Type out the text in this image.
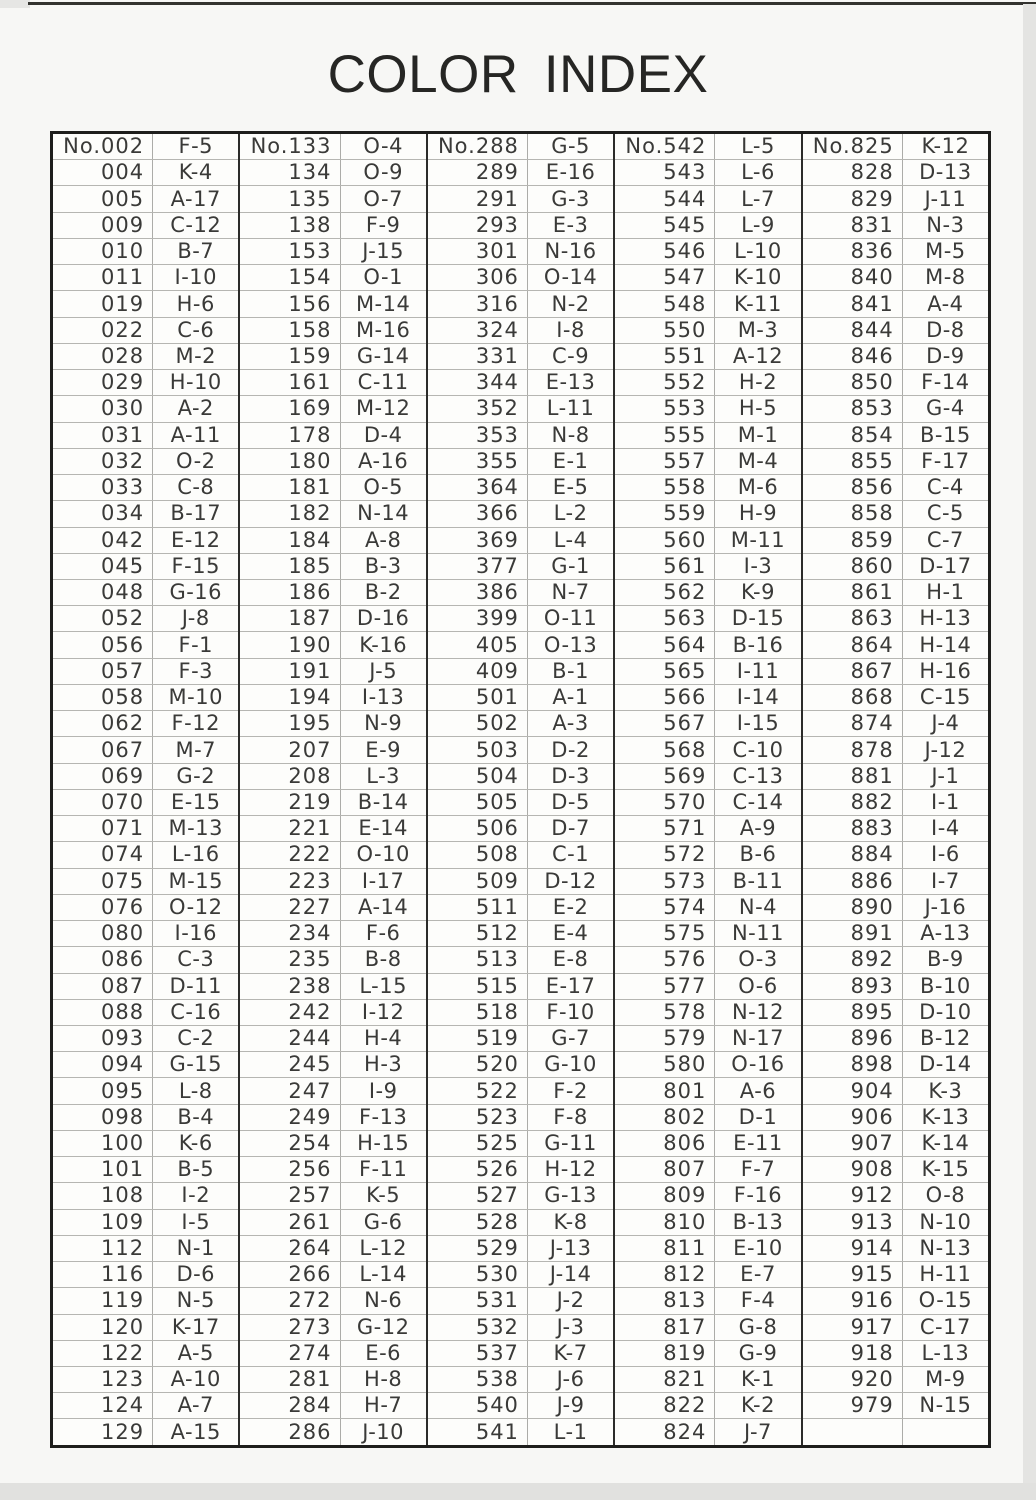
COLOR INDEX
No.002	F-5
004	K-4
005	A-17
009	C-12
010	B-7
011	I-10
019	H-6
022	C-6
028	M-2
029	H-10
030	A-2
031	A-11
032	O-2
033	C-8
034	B-17
042	E-12
045	F-15
048	G-16
052	J-8
056	F-1
057	F-3
058	M-10
062	F-12
067	M-7
069	G-2
070	E-15
071	M-13
074	L-16
075	M-15
076	O-12
080	I-16
086	C-3
087	D-11
088	C-16
093	C-2
094	G-15
095	L-8
098	B-4
100	K-6
101	B-5
108	I-2
109	I-5
112	N-1
116	D-6
119	N-5
120	K-17
122	A-5
123	A-10
124	A-7
129	A-15
No.133	O-4
134	O-9
135	O-7
138	F-9
153	J-15
154	O-1
156	M-14
158	M-16
159	G-14
161	C-11
169	M-12
178	D-4
180	A-16
181	O-5
182	N-14
184	A-8
185	B-3
186	B-2
187	D-16
190	K-16
191	J-5
194	I-13
195	N-9
207	E-9
208	L-3
219	B-14
221	E-14
222	O-10
223	I-17
227	A-14
234	F-6
235	B-8
238	L-15
242	I-12
244	H-4
245	H-3
247	I-9
249	F-13
254	H-15
256	F-11
257	K-5
261	G-6
264	L-12
266	L-14
272	N-6
273	G-12
274	E-6
281	H-8
284	H-7
286	J-10
No.288	G-5
289	E-16
291	G-3
293	E-3
301	N-16
306	O-14
316	N-2
324	I-8
331	C-9
344	E-13
352	L-11
353	N-8
355	E-1
364	E-5
366	L-2
369	L-4
377	G-1
386	N-7
399	O-11
405	O-13
409	B-1
501	A-1
502	A-3
503	D-2
504	D-3
505	D-5
506	D-7
508	C-1
509	D-12
511	E-2
512	E-4
513	E-8
515	E-17
518	F-10
519	G-7
520	G-10
522	F-2
523	F-8
525	G-11
526	H-12
527	G-13
528	K-8
529	J-13
530	J-14
531	J-2
532	J-3
537	K-7
538	J-6
540	J-9
541	L-1
No.542	L-5
543	L-6
544	L-7
545	L-9
546	L-10
547	K-10
548	K-11
550	M-3
551	A-12
552	H-2
553	H-5
555	M-1
557	M-4
558	M-6
559	H-9
560	M-11
561	I-3
562	K-9
563	D-15
564	B-16
565	I-11
566	I-14
567	I-15
568	C-10
569	C-13
570	C-14
571	A-9
572	B-6
573	B-11
574	N-4
575	N-11
576	O-3
577	O-6
578	N-12
579	N-17
580	O-16
801	A-6
802	D-1
806	E-11
807	F-7
809	F-16
810	B-13
811	E-10
812	E-7
813	F-4
817	G-8
819	G-9
821	K-1
822	K-2
824	J-7
No.825	K-12
828	D-13
829	J-11
831	N-3
836	M-5
840	M-8
841	A-4
844	D-8
846	D-9
850	F-14
853	G-4
854	B-15
855	F-17
856	C-4
858	C-5
859	C-7
860	D-17
861	H-1
863	H-13
864	H-14
867	H-16
868	C-15
874	J-4
878	J-12
881	J-1
882	I-1
883	I-4
884	I-6
886	I-7
890	J-16
891	A-13
892	B-9
893	B-10
895	D-10
896	B-12
898	D-14
904	K-3
906	K-13
907	K-14
908	K-15
912	O-8
913	N-10
914	N-13
915	H-11
916	O-15
917	C-17
918	L-13
920	M-9
979	N-15
